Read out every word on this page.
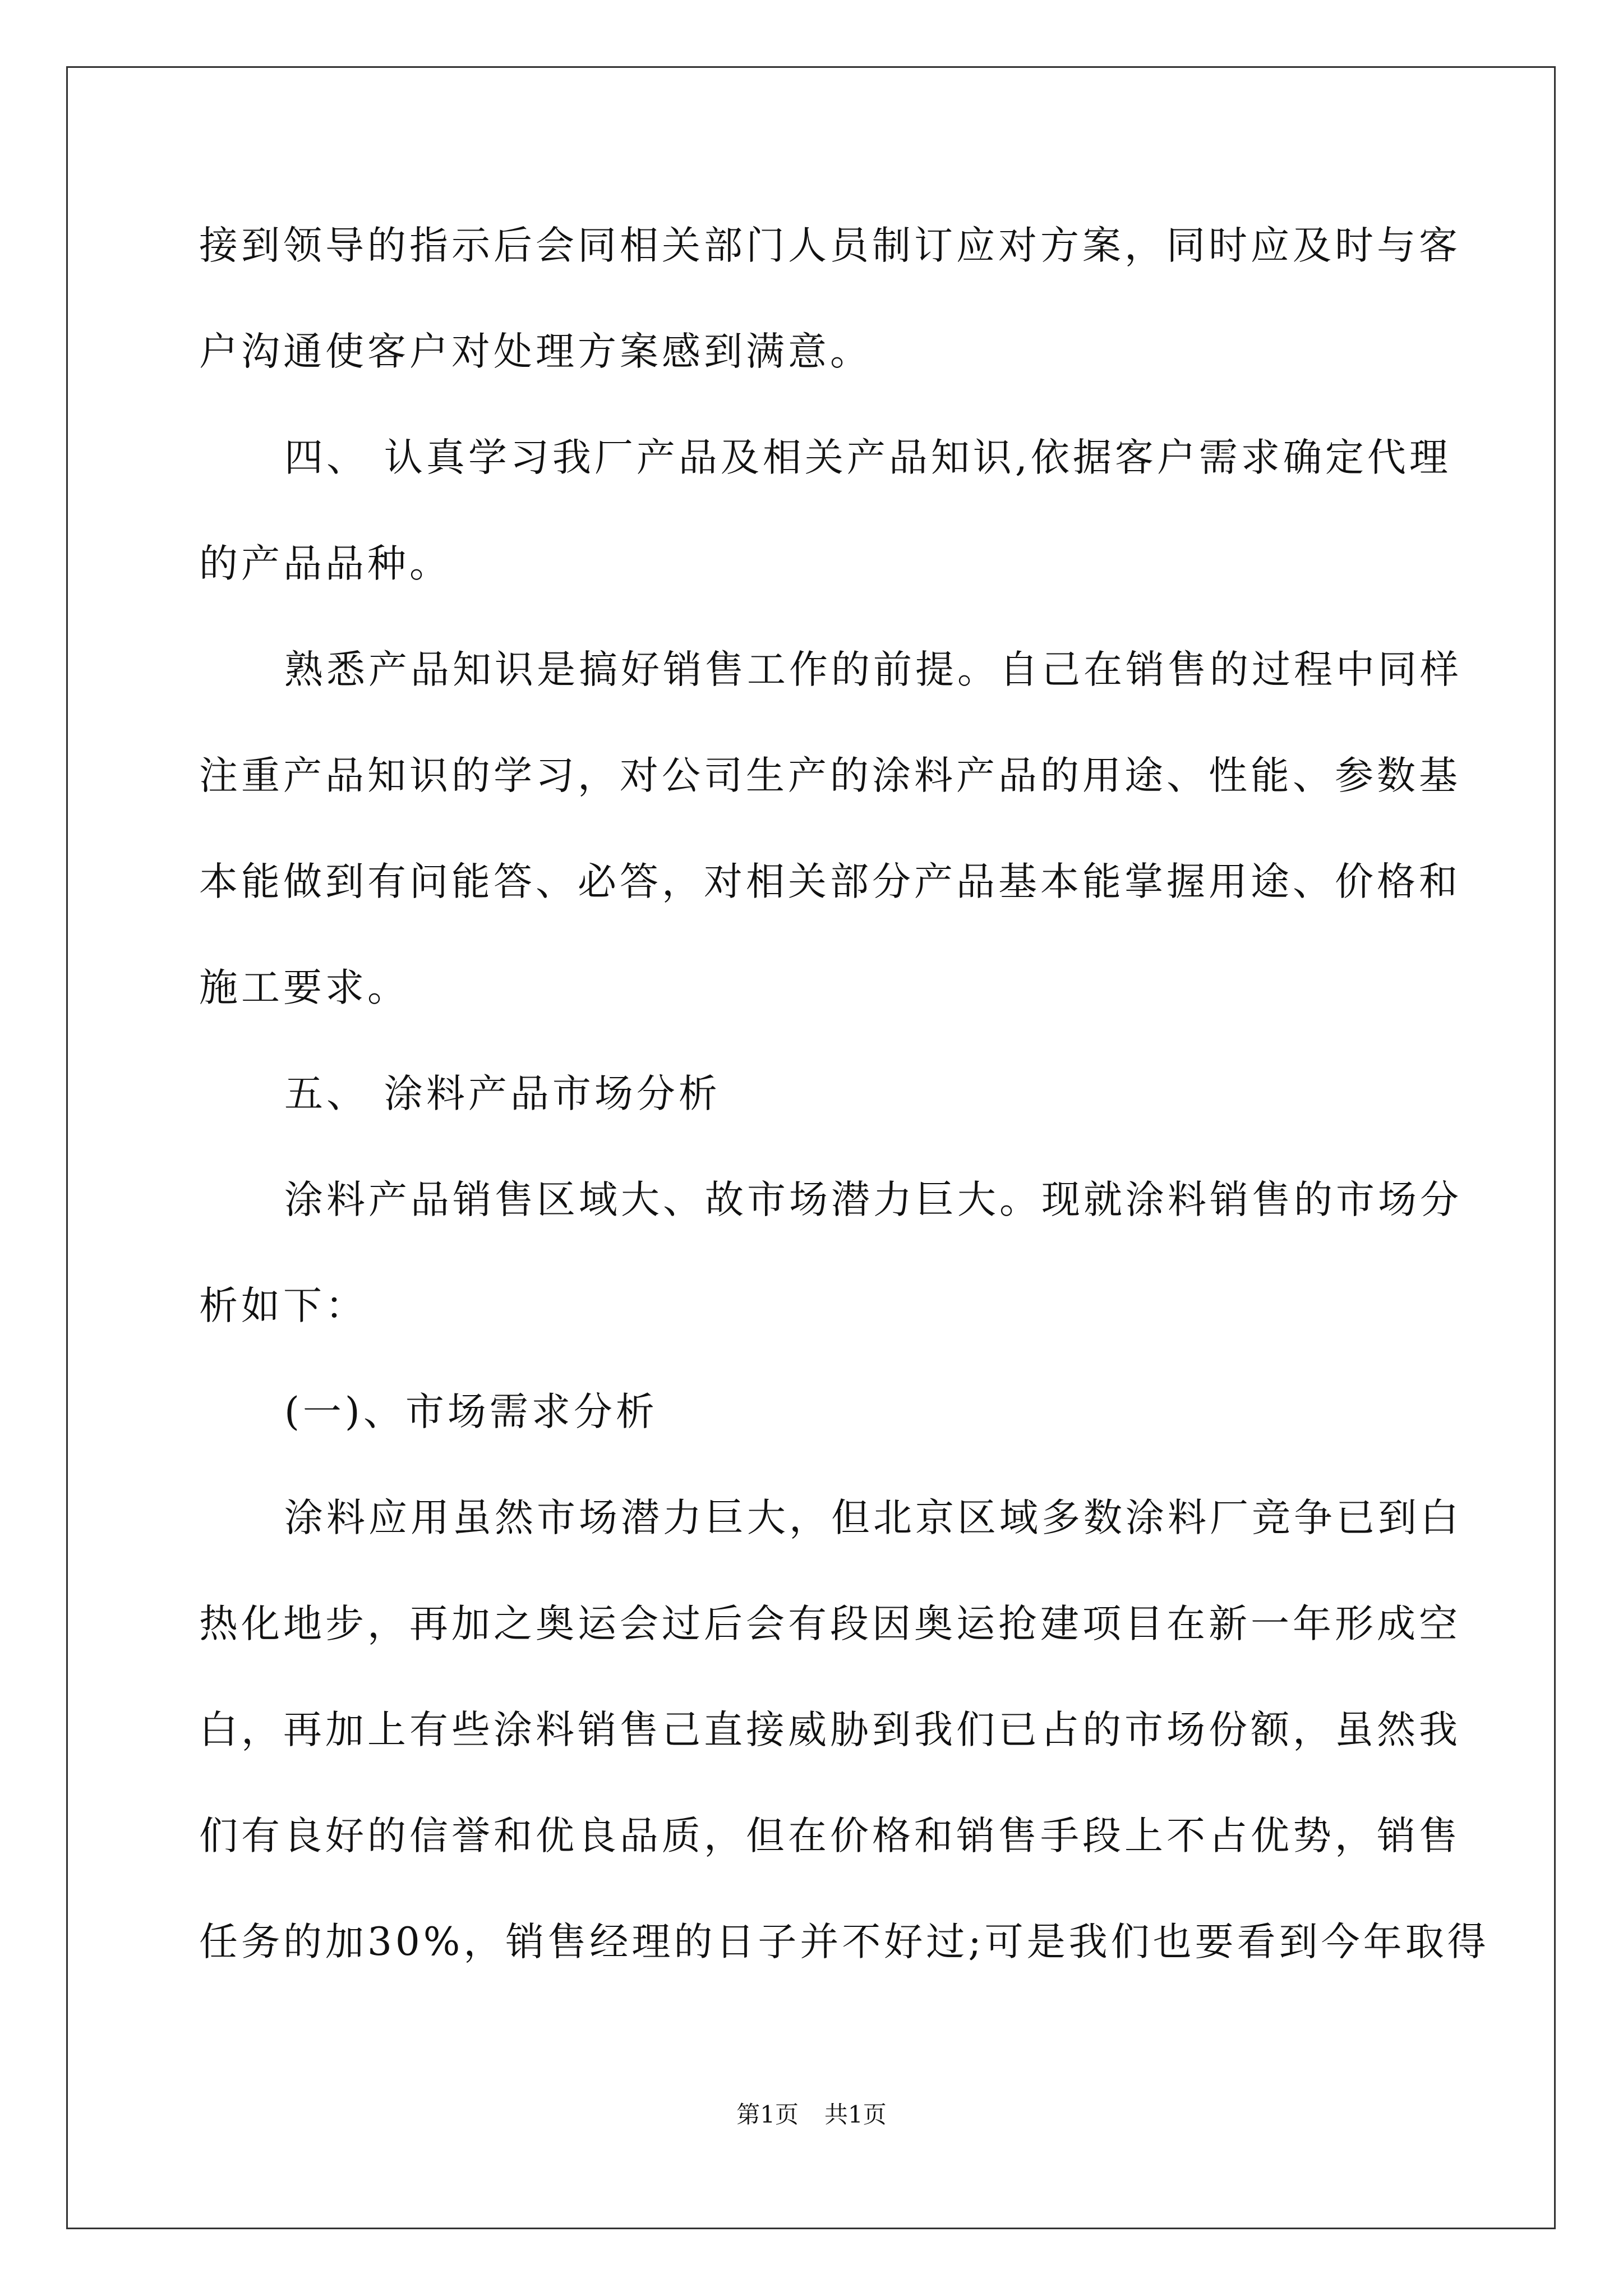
接到领导的指示后会同相关部门人员制订应对方案，同时应及时与客
户沟通使客户对处理方案感到满意。
四、 认真学习我厂产品及相关产品知识,依据客户需求确定代理
的产品品种。
熟悉产品知识是搞好销售工作的前提。自己在销售的过程中同样
注重产品知识的学习，对公司生产的涂料产品的用途、性能、参数基
本能做到有问能答、必答，对相关部分产品基本能掌握用途、价格和
施工要求。
五、 涂料产品市场分析
涂料产品销售区域大、故市场潜力巨大。现就涂料销售的市场分
析如下：
(一)、市场需求分析
涂料应用虽然市场潜力巨大，但北京区域多数涂料厂竞争已到白
热化地步，再加之奥运会过后会有段因奥运抢建项目在新一年形成空
白，再加上有些涂料销售己直接威胁到我们已占的市场份额，虽然我
们有良好的信誉和优良品质，但在价格和销售手段上不占优势，销售
任务的加30%，销售经理的日子并不好过;可是我们也要看到今年取得
第1页 共1页
